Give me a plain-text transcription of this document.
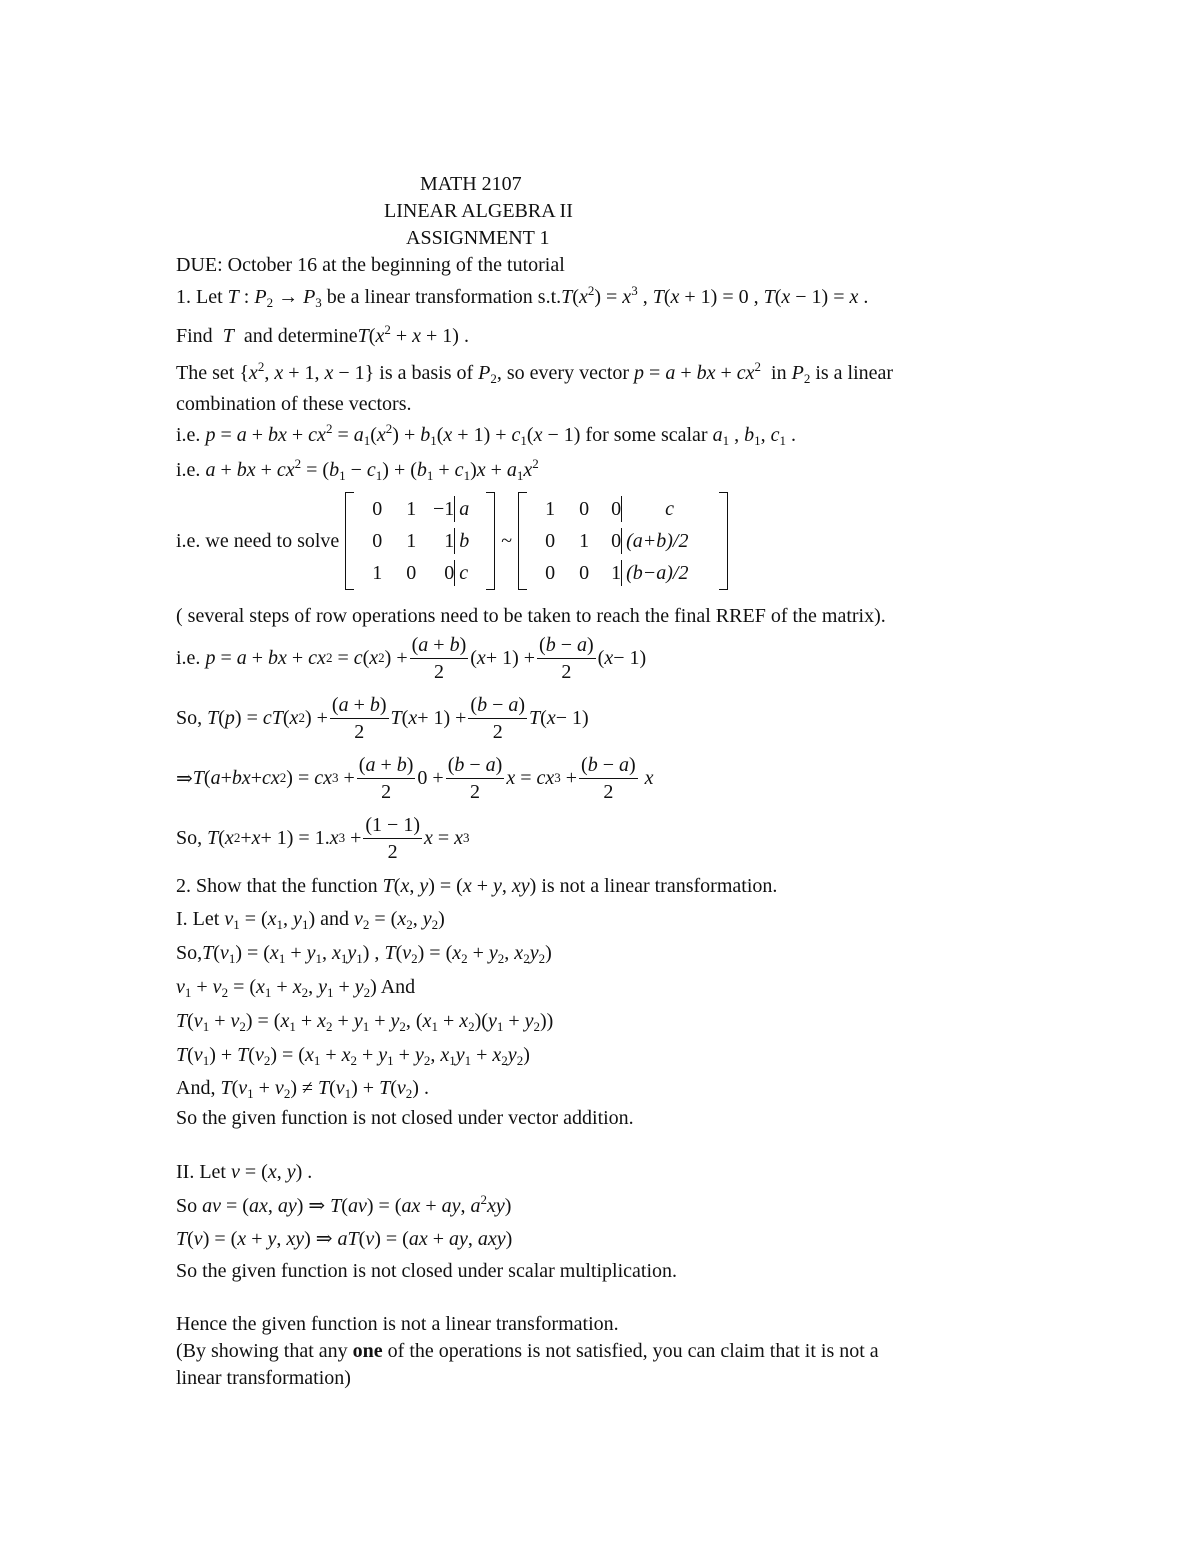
MATH 2107
LINEAR ALGEBRA II
ASSIGNMENT 1
DUE: October 16 at the beginning of the tutorial
1. Let T : $P_2 \to P_3$ be a linear transformation $s.t.T(x^2) = x^3$ , T(x + 1) = 0 , T(x − 1) = x .
Find T and $determineT(x^2 + x + 1)$ .
The set {$x^2$, x + 1, x − 1} is a basis of $P_2$, so every vector p = a + bx + $cx^2$ in $P_2$ is a linear
combination of these vectors.
i.e. p = a + bx + $cx^2 = a_1(x^2) + b_1(x + 1) + c_1(x - 1)$ for some scalar $a_1$ , $b_1$, $c_1$ .
i.e. a + bx + $cx^2 = (b_1 - c_1) + (b_1 + c_1)x + a_1x^2$
i.e. we need to solve
0	1 −1 a
0	1	1 b
1	0	0 c
~
1	0	0	c
0	1	0 (a+b)/2
0	0	1 (b−a)/2
( several steps of row operations need to be taken to reach the final RREF of the matrix).
i.e.
p = a + bx + cx 2 = c ( x 2 ) + $\frac{(a + b)}{2}$ ( $x + 1) + \frac{(b - a)}{2}$ ( x − 1)
So,
T ( p ) = cT ( x 2 ) + $\frac{(a + b)}{2}$ T ( $x + 1) + \frac{(b - a)}{2}$ T ( x − 1)
⇒ T ( a + bx + cx 2 ) = cx $3 + \frac{(a + b)}{2} 0 + \frac{(b - a)}{2}$ x = cx $3 + \frac{(b - a)}{2}$
x
So,
T ( x 2 + x + 1) = 1. x $3 + \frac{(1 - 1)}{2}$ x = x 3
2. Show that the function T(x, y) = (x + y, xy) is not a linear transformation.
I. Let $v_1 = (x_1$, $y_1$) and $v_2 = (x_2$, $y_2$)
$So,T(v_1) = (x_1 + y_1$, $x_1y_1$) , $T(v_2) = (x_2 + y_2$, $x_2y_2$)
$v_1 + v_2 = (x_1 + x_2$, $y_1 + y_2$) And
$T(v_1 + v_2) = (x_1 + x_2 + y_1 + y_2$, $(x_1 + x_2)(y_1 + y_2)$)
$T(v_1) + T(v_2) = (x_1 + x_2 + y_1 + y_2$, $x_1y_1 + x_2y_2$)
And, $T(v_1 + v_2) \ne T(v_1) + T(v_2)$ .
So the given function is not closed under vector addition.
II. Let v = (x, y) .
So av = (ax, ay) ⇒ T(av) = (ax + ay, $a^2xy$)
T(v) = (x + y, xy) ⇒ aT(v) = (ax + ay, axy)
So the given function is not closed under scalar multiplication.
Hence the given function is not a linear transformation.
(By showing that any one of the operations is not satisfied, you can claim that it is not a
linear transformation)
